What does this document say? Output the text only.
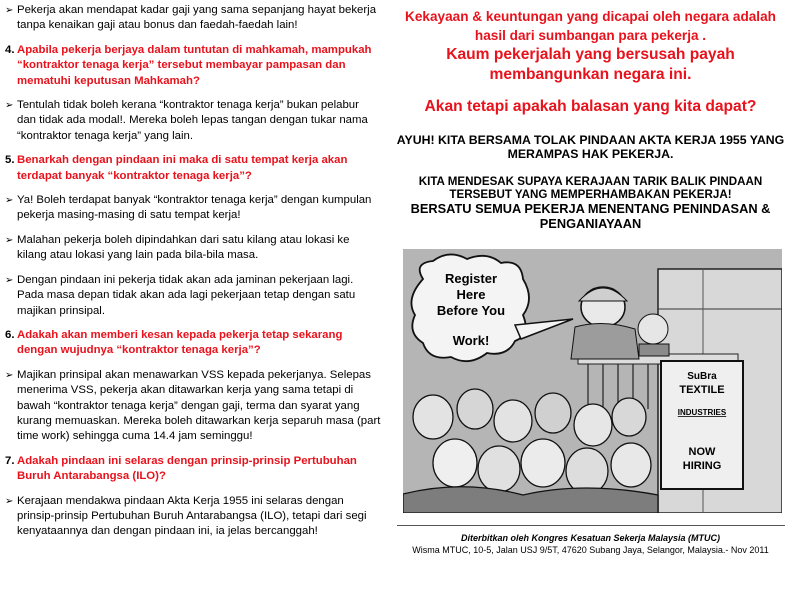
➢ Pekerja akan mendapat kadar gaji yang sama sepanjang hayat bekerja tanpa kenaikan gaji atau bonus dan faedah-faedah lain!
4. Apabila pekerja berjaya dalam tuntutan di mahkamah, mampukah “kontraktor tenaga kerja” tersebut membayar pampasan dan mematuhi keputusan Mahkamah?
➢ Tentulah tidak boleh kerana “kontraktor tenaga kerja” bukan pelabur dan tidak ada modal!. Mereka boleh lepas tangan dengan tukar nama “kontraktor tenaga kerja” yang lain.
5. Benarkah dengan pindaan ini maka di satu tempat kerja akan terdapat banyak “kontraktor tenaga kerja”?
➢ Ya! Boleh terdapat banyak “kontraktor tenaga kerja” dengan kumpulan pekerja masing-masing di satu tempat kerja!
➢ Malahan pekerja boleh dipindahkan dari satu kilang atau lokasi ke kilang atau lokasi yang lain pada bila-bila masa.
➢ Dengan pindaan ini pekerja tidak akan ada jaminan pekerjaan lagi. Pada masa depan tidak akan ada lagi pekerjaan tetap dengan satu majikan prinsipal.
6. Adakah akan memberi kesan kepada pekerja tetap sekarang dengan wujudnya “kontraktor tenaga kerja”?
➢ Majikan prinsipal akan menawarkan VSS kepada pekerjanya. Selepas menerima VSS, pekerja akan ditawarkan kerja yang sama tetapi di bawah “kontraktor tenaga kerja” dengan gaji, terma dan syarat yang kurang memuaskan. Mereka boleh ditawarkan kerja separuh masa (part time work) sehingga cuma 14.4 jam seminggu!
7. Adakah pindaan ini selaras dengan prinsip-prinsip Pertubuhan Buruh Antarabangsa (ILO)?
➢ Kerajaan mendakwa pindaan Akta Kerja 1955 ini selaras dengan prinsip-prinsip Pertubuhan Buruh Antarabangsa (ILO), tetapi dari segi kenyataannya dan dengan pindaan ini, ia jelas bercanggah!
Kekayaan & keuntungan yang dicapai oleh negara adalah hasil dari sumbangan para pekerja .
Kaum pekerjalah yang bersusah payah membangunkan negara ini.
Akan tetapi apakah balasan yang kita dapat?
AYUH! KITA BERSAMA TOLAK PINDAAN AKTA KERJA 1955 YANG MERAMPAS HAK PEKERJA.
KITA MENDESAK SUPAYA KERAJAAN TARIK BALIK PINDAAN TERSEBUT YANG MEMPERHAMBAKAN PEKERJA!
BERSATU SEMUA PEKERJA MENENTANG PENINDASAN & PENGANIAYAAN
SuBra
TEXTILE
INDUSTRIES
NOW
HIRING
Register
Here
Before You
Work!
Diterbitkan oleh Kongres Kesatuan Sekerja Malaysia (MTUC)
Wisma MTUC, 10-5, Jalan USJ 9/5T, 47620 Subang Jaya, Selangor, Malaysia.- Nov 2011
